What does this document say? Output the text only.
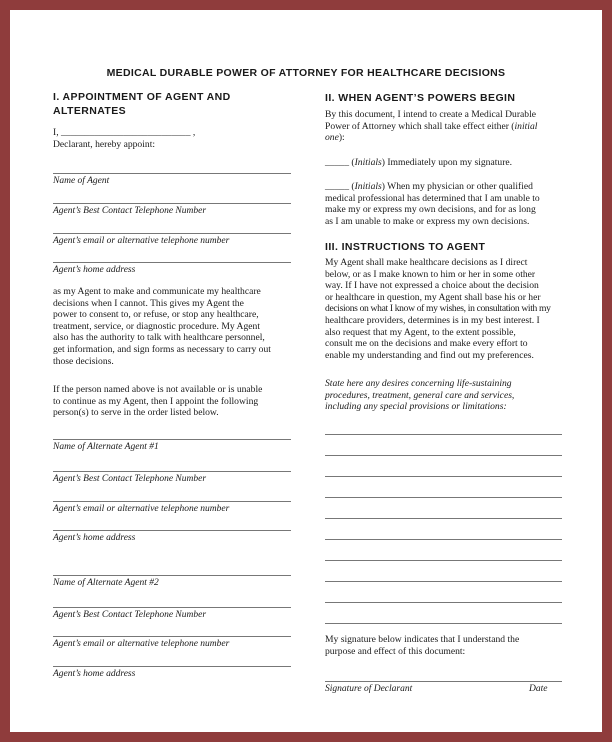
MEDICAL DURABLE POWER OF ATTORNEY FOR HEALTHCARE DECISIONS
I. APPOINTMENT OF AGENT AND
ALTERNATES
I, ___________________________ ,
Declarant, hereby appoint:
Name of Agent
Agent’s Best Contact Telephone Number
Agent’s email or alternative telephone number
Agent’s home address
as my Agent to make and communicate my healthcare
decisions when I cannot. This gives my Agent the
power to consent to, or refuse, or stop any healthcare,
treatment, service, or diagnostic procedure. My Agent
also has the authority to talk with healthcare personnel,
get information, and sign forms as necessary to carry out
those decisions.
If the person named above is not available or is unable
to continue as my Agent, then I appoint the following
person(s) to serve in the order listed below.
Name of Alternate Agent #1
Agent’s Best Contact Telephone Number
Agent’s email or alternative telephone number
Agent’s home address
Name of Alternate Agent #2
Agent’s Best Contact Telephone Number
Agent’s email or alternative telephone number
Agent’s home address
II. WHEN AGENT’S POWERS BEGIN
By this document, I intend to create a Medical Durable
Power of Attorney which shall take effect either (initial
one):
_____ (Initials) Immediately upon my signature.
_____ (Initials) When my physician or other qualified
medical professional has determined that I am unable to
make my or express my own decisions, and for as long
as I am unable to make or express my own decisions.
III. INSTRUCTIONS TO AGENT
My Agent shall make healthcare decisions as I direct
below, or as I make known to him or her in some other
way. If I have not expressed a choice about the decision
or healthcare in question, my Agent shall base his or her
decisions on what I know of my wishes, in consultation with my
healthcare providers, determines is in my best interest. I
also request that my Agent, to the extent possible,
consult me on the decisions and make every effort to
enable my understanding and find out my preferences.
State here any desires concerning life-sustaining
procedures, treatment, general care and services,
including any special provisions or limitations:
My signature below indicates that I understand the
purpose and effect of this document:
Signature of Declarant	Date
